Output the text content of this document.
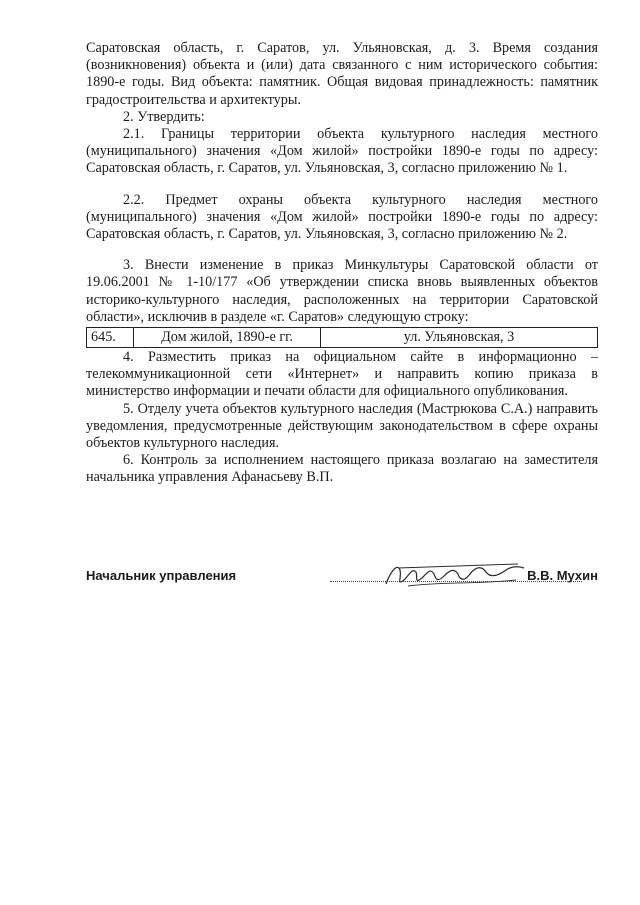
Саратовская область, г. Саратов, ул. Ульяновская, д. 3. Время создания (возникновения) объекта и (или) дата связанного с ним исторического события: 1890-е годы. Вид объекта: памятник. Общая видовая принадлежность: памятник градостроительства и архитектуры.

2. Утвердить:

2.1. Границы территории объекта культурного наследия местного (муниципального) значения «Дом жилой» постройки 1890-е годы по адресу: Саратовская область, г. Саратов, ул. Ульяновская, 3, согласно приложению № 1.

2.2. Предмет охраны объекта культурного наследия местного (муниципального) значения «Дом жилой» постройки 1890-е годы по адресу: Саратовская область, г. Саратов, ул. Ульяновская, 3, согласно приложению № 2.

3. Внести изменение в приказ Минкультуры Саратовской области от 19.06.2001 № 1-10/177 «Об утверждении списка вновь выявленных объектов историко-культурного наследия, расположенных на территории Саратовской области», исключив в разделе «г. Саратов» следующую строку:

645.	Дом жилой, 1890-е гг.	ул. Ульяновская, 3

4. Разместить приказ на официальном сайте в информационно – телекоммуникационной сети «Интернет» и направить копию приказа в министерство информации и печати области для официального опубликования.

5. Отделу учета объектов культурного наследия (Мастрюкова С.А.) направить уведомления, предусмотренные действующим законодательством в сфере охраны объектов культурного наследия.

6. Контроль за исполнением настоящего приказа возлагаю на заместителя начальника управления Афанасьеву В.П.

Начальник управления	В.В. Мухин
